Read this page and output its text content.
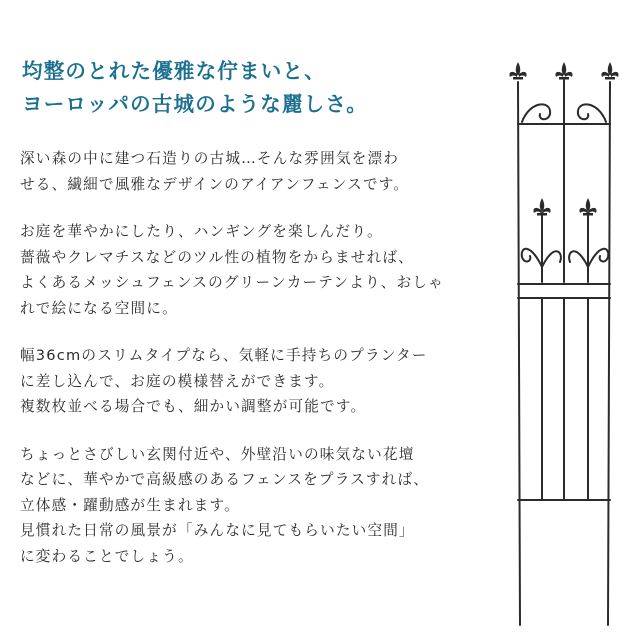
均整のとれた優雅な佇まいと、
ヨーロッパの古城のような麗しさ。
深い森の中に建つ石造りの古城…そんな雰囲気を漂わ
せる、繊細で風雅なデザインのアイアンフェンスです。
お庭を華やかにしたり、ハンギングを楽しんだり。
薔薇やクレマチスなどのツル性の植物をからませれば、
よくあるメッシュフェンスのグリーンカーテンより、おしゃ
れで絵になる空間に。
幅36cmのスリムタイプなら、気軽に手持ちのプランター
に差し込んで、お庭の模様替えができます。
複数枚並べる場合でも、細かい調整が可能です。
ちょっとさびしい玄関付近や、外壁沿いの味気ない花壇
などに、華やかで高級感のあるフェンスをプラスすれば、
立体感・躍動感が生まれます。
見慣れた日常の風景が「みんなに見てもらいたい空間」
に変わることでしょう。
